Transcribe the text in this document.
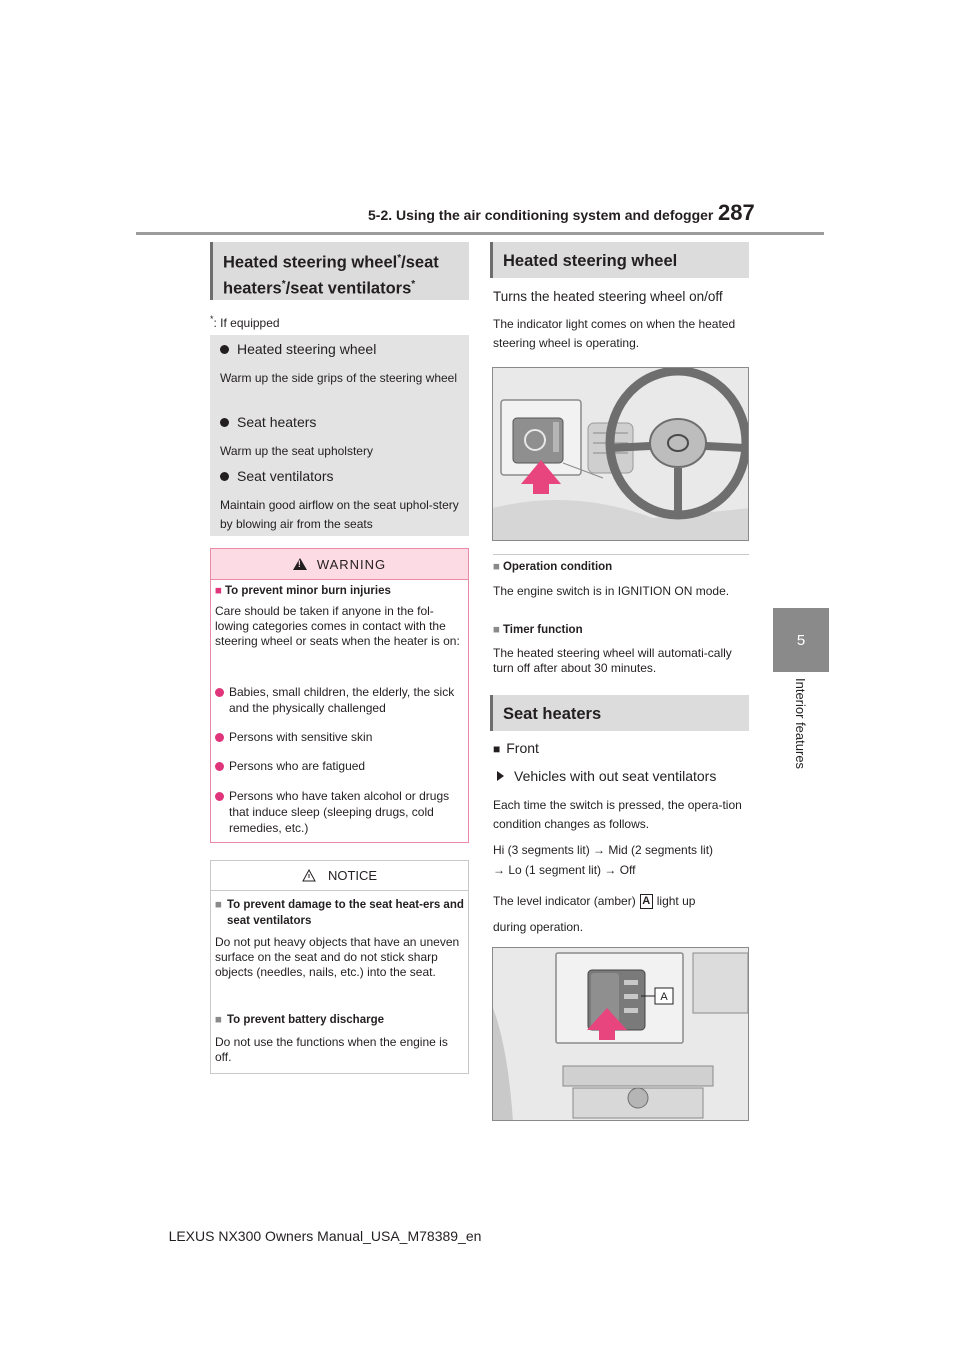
5-2. Using the air conditioning system and defogger 287
5
Interior features
Heated steering wheel*/seat
heaters*/seat ventilators*
*: If equipped
Heated steering wheel
Warm up the side grips of the steering wheel
Seat heaters
Warm up the seat upholstery
Seat ventilators
Maintain good airflow on the seat uphol-stery by blowing air from the seats
!
WARNING
■ To prevent minor burn injuries
Care should be taken if anyone in the fol-lowing categories comes in contact with the steering wheel or seats when the heater is on:
Babies, small children, the elderly, the sick and the physically challenged
Persons with sensitive skin
Persons who are fatigued
Persons who have taken alcohol or drugs that induce sleep (sleeping drugs, cold remedies, etc.)
NOTICE
■ To prevent damage to the seat heat-ers and seat ventilators
Do not put heavy objects that have an uneven surface on the seat and do not stick sharp objects (needles, nails, etc.) into the seat.
■ To prevent battery discharge
Do not use the functions when the engine is off.
Heated steering wheel
Turns the heated steering wheel on/off
The indicator light comes on when the heated steering wheel is operating.
■ Operation condition
The engine switch is in IGNITION ON mode.
■ Timer function
The heated steering wheel will automati-cally turn off after about 30 minutes.
Seat heaters
■ Front
Vehicles with out seat ventilators
Each time the switch is pressed, the opera-tion condition changes as follows.
Hi (3 segments lit) → Mid (2 segments lit)
→ Lo (1 segment lit) → Off
The level indicator (amber) A light up
during operation.
A
LEXUS NX300 Owners Manual_USA_M78389_en
